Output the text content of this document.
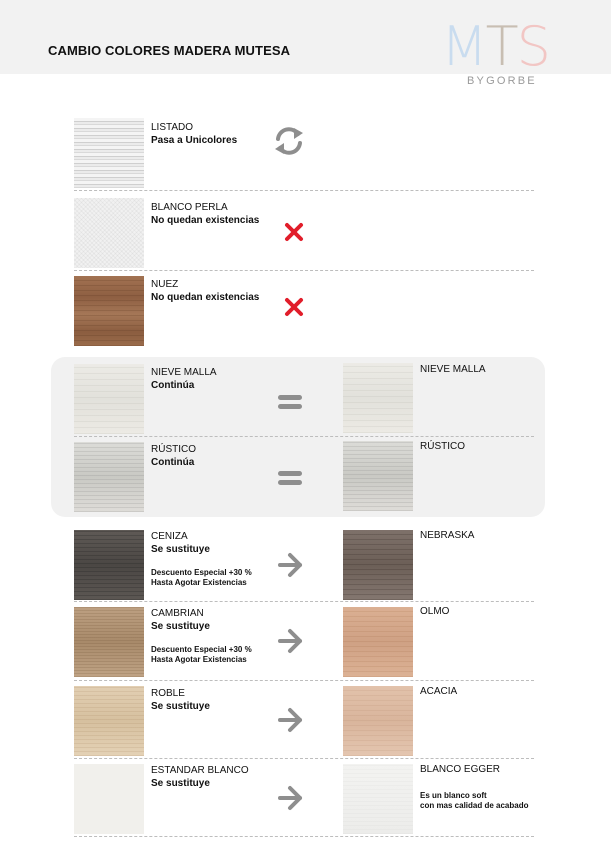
CAMBIO COLORES MADERA MUTESA	MTS
BYGORBE
LISTADO
Pasa a Unicolores
BLANCO PERLA
No quedan existencias
NUEZ
No quedan existencias
NIEVE MALLA
Continúa
NIEVE MALLA
RÚSTICO
Continúa
RÚSTICO
CENIZA
Se sustituye
Descuento Especial +30 %
Hasta Agotar Existencias
NEBRASKA
CAMBRIAN
Se sustituye
Descuento Especial +30 %
Hasta Agotar Existencias
OLMO
ROBLE
Se sustituye
ACACIA
ESTANDAR BLANCO
Se sustituye
BLANCO EGGER
Es un blanco soft
con mas calidad de acabado
